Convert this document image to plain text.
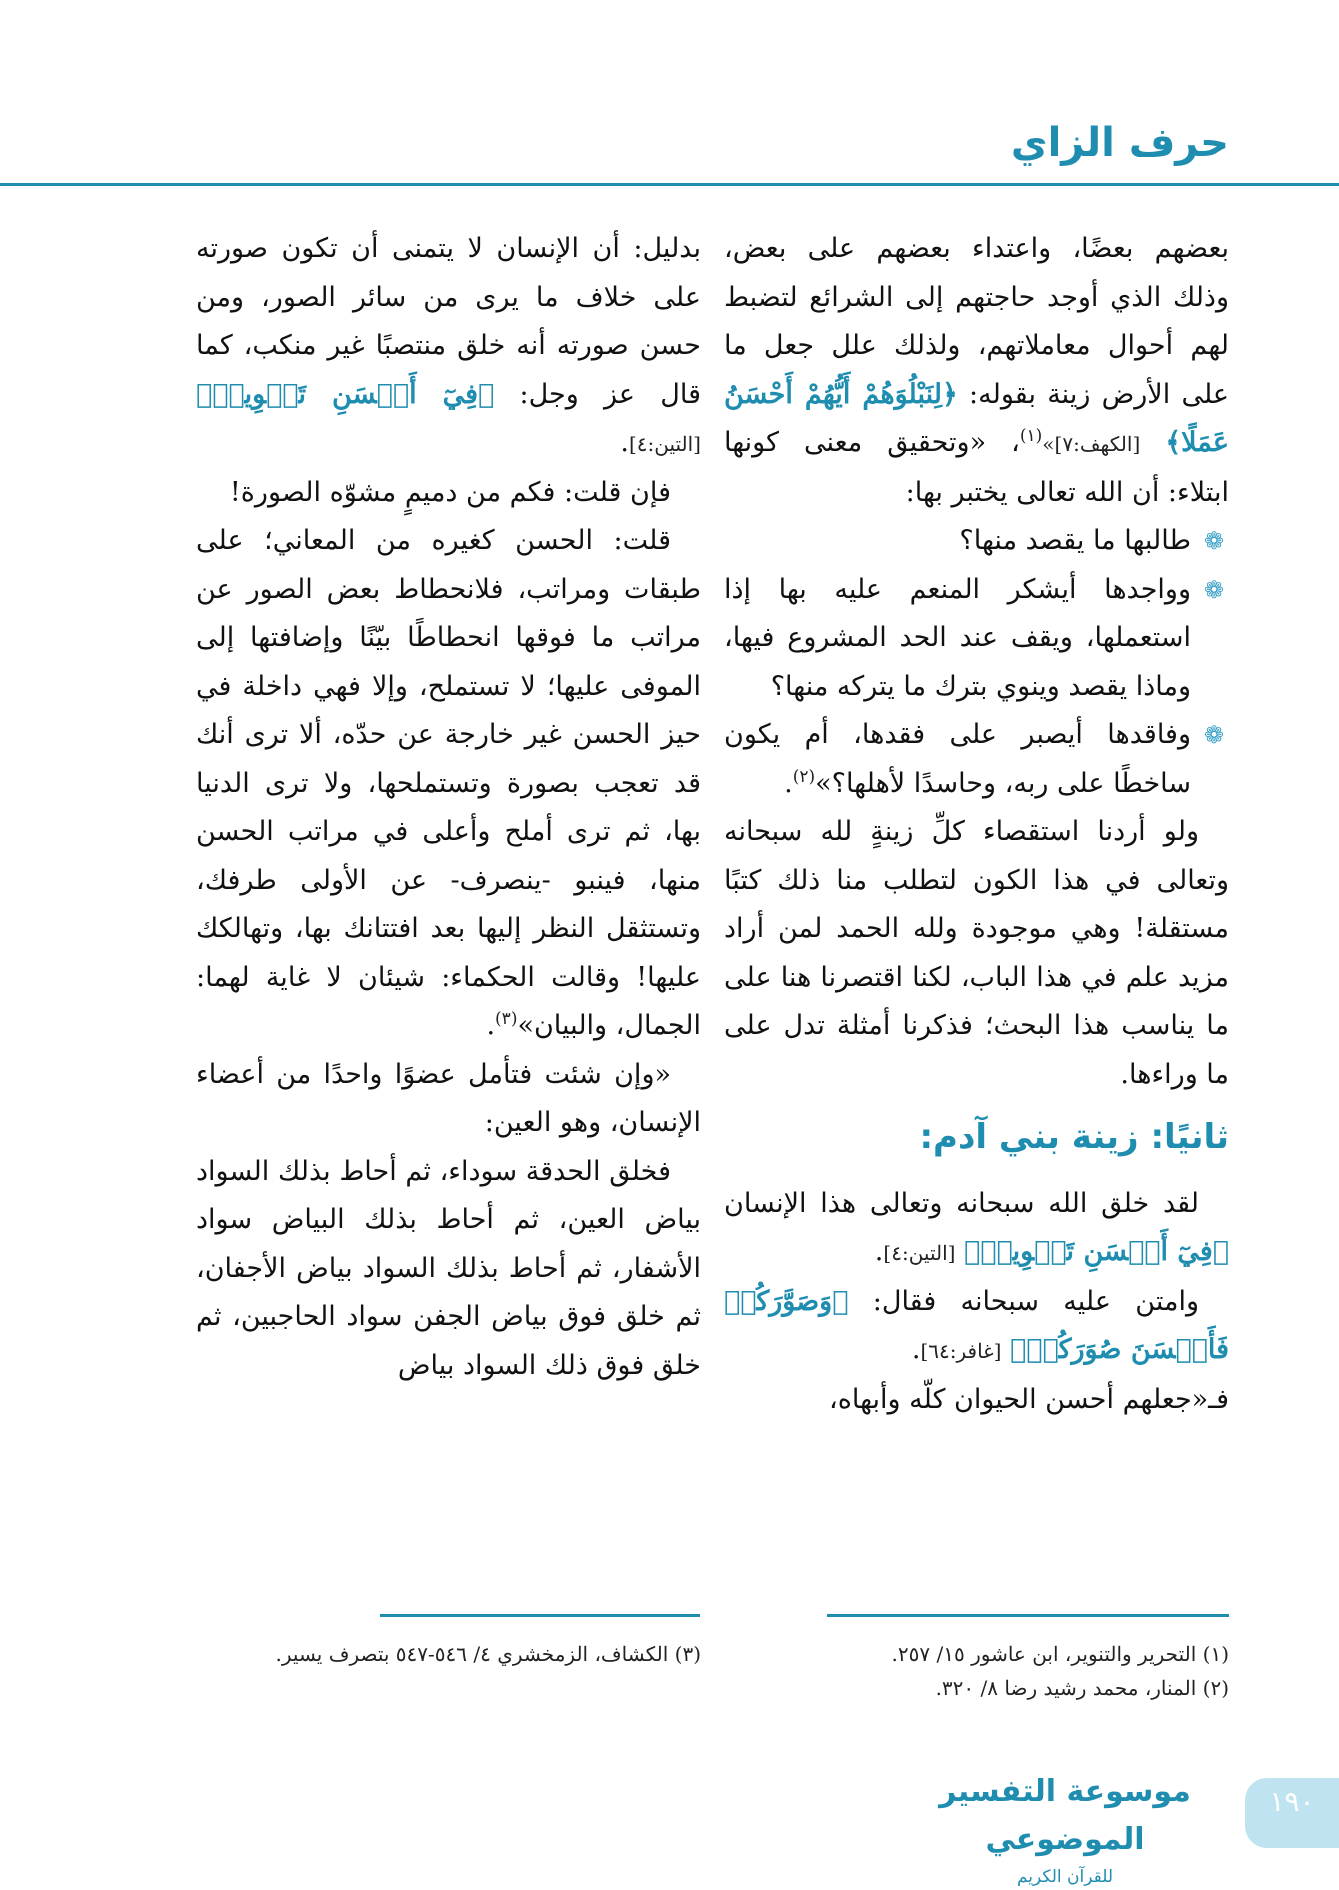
حرف الزاي

بعضهم بعضًا، واعتداء بعضهم على بعض، وذلك الذي أوجد حاجتهم إلى الشرائع لتضبط لهم أحوال معاملاتهم، ولذلك علل جعل ما على الأرض زينة بقوله: ﴿لِنَبْلُوَهُمْ أَيُّهُمْ أَحْسَنُ عَمَلًا﴾ [الكهف:٧]»$^{(١)}$، «وتحقيق معنى كونها ابتلاء: أن الله تعالى يختبر بها:

❁
طالبها ما يقصد منها؟
❁
وواجدها أيشكر المنعم عليه بها إذا استعملها، ويقف عند الحد المشروع فيها، وماذا يقصد وينوي بترك ما يتركه منها؟
❁
وفاقدها أيصبر على فقدها، أم يكون ساخطًا على ربه، وحاسدًا لأهلها؟»$^{(٢)}$.

ولو أردنا استقصاء كلِّ زينةٍ لله سبحانه وتعالى في هذا الكون لتطلب منا ذلك كتبًا مستقلة! وهي موجودة ولله الحمد لمن أراد مزيد علم في هذا الباب، لكنا اقتصرنا هنا على ما يناسب هذا البحث؛ فذكرنا أمثلة تدل على ما وراءها.

ثانيًا: زينة بني آدم:

لقد خلق الله سبحانه وتعالى هذا الإنسان ﴿فِيٓ أَحۡسَنِ تَقۡوِيمٖ﴾ [التين:٤].

وامتن عليه سبحانه فقال: ﴿وَصَوَّرَكُمۡ فَأَحۡسَنَ صُوَرَكُمۡ﴾ [غافر:٦٤].

فـ«جعلهم أحسن الحيوان كلّه وأبهاه،

بدليل: أن الإنسان لا يتمنى أن تكون صورته على خلاف ما يرى من سائر الصور، ومن حسن صورته أنه خلق منتصبًا غير منكب، كما قال عز وجل: ﴿فِيٓ أَحۡسَنِ تَقۡوِيمٖ﴾ [التين:٤].

فإن قلت: فكم من دميمٍ مشوّه الصورة!

قلت: الحسن كغيره من المعاني؛ على طبقات ومراتب، فلانحطاط بعض الصور عن مراتب ما فوقها انحطاطًا بيّنًا وإضافتها إلى الموفى عليها؛ لا تستملح، وإلا فهي داخلة في حيز الحسن غير خارجة عن حدّه، ألا ترى أنك قد تعجب بصورة وتستملحها، ولا ترى الدنيا بها، ثم ترى أملح وأعلى في مراتب الحسن منها، فينبو -ينصرف- عن الأولى طرفك، وتستثقل النظر إليها بعد افتتانك بها، وتهالكك عليها! وقالت الحكماء: شيئان لا غاية لهما: الجمال، والبيان»$^{(٣)}$.

«وإن شئت فتأمل عضوًا واحدًا من أعضاء الإنسان، وهو العين:

فخلق الحدقة سوداء، ثم أحاط بذلك السواد بياض العين، ثم أحاط بذلك البياض سواد الأشفار، ثم أحاط بذلك السواد بياض الأجفان، ثم خلق فوق بياض الجفن سواد الحاجبين، ثم خلق فوق ذلك السواد بياض

(١) التحرير والتنوير، ابن عاشور ١٥/ ٢٥٧.
(٢) المنار، محمد رشيد رضا ٨/ ٣٢٠.
(٣) الكشاف، الزمخشري ٤/ ٥٤٦-٥٤٧ بتصرف يسير.
١٩٠
موسوعة التفسير الموضوعي
للقرآن الكريم
